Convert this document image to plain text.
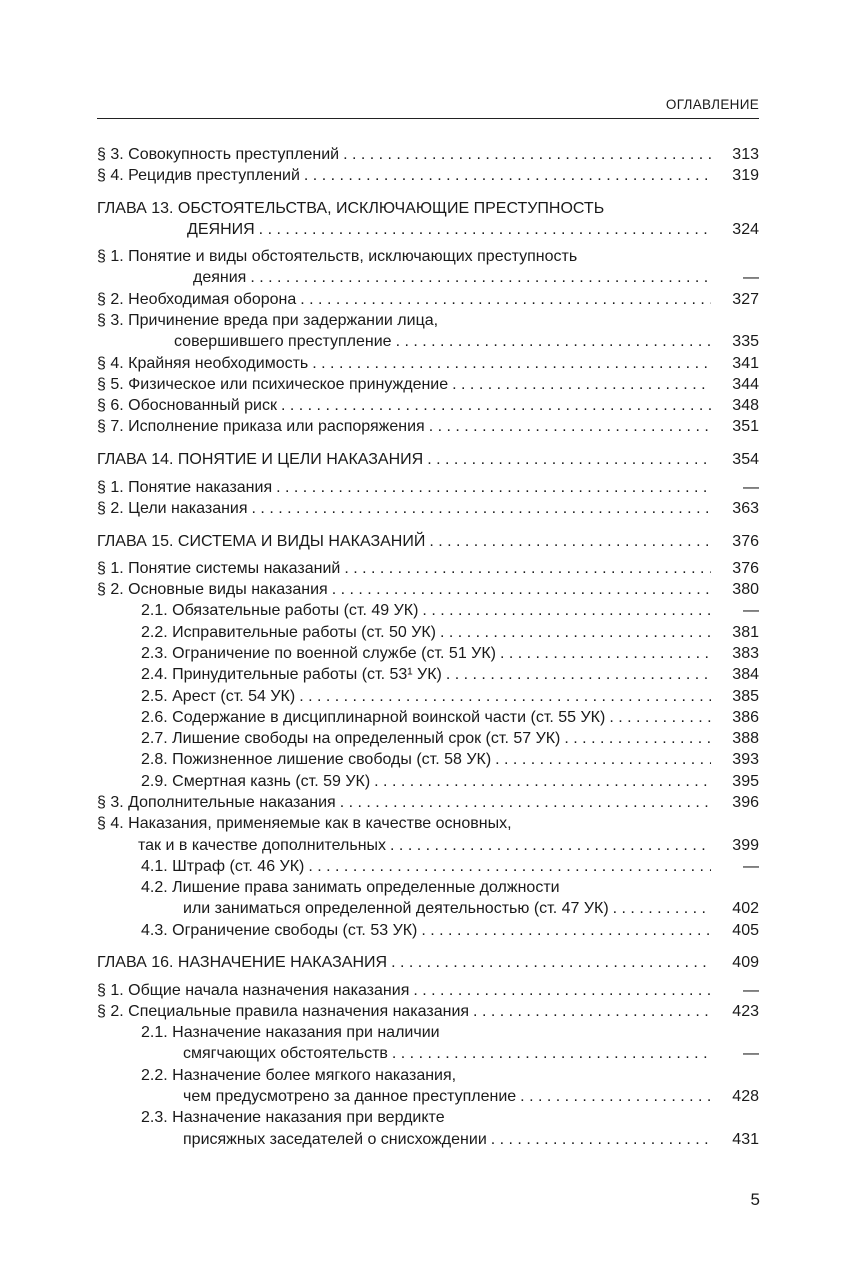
ОГЛАВЛЕНИЕ
§ 3. Совокупность преступлений . . .	313
§ 4. Рецидив преступлений . . .	319
ГЛАВА 13. ОБСТОЯТЕЛЬСТВА, ИСКЛЮЧАЮЩИЕ ПРЕСТУПНОСТЬ
ДЕЯНИЯ . . .	324
§ 1. Понятие и виды обстоятельств, исключающих преступность
деяния . . .	—
§ 2. Необходимая оборона . . .	327
§ 3. Причинение вреда при задержании лица,
совершившего преступление . . .	335
§ 4. Крайняя необходимость . . .	341
§ 5. Физическое или психическое принуждение . . .	344
§ 6. Обоснованный риск . . .	348
§ 7. Исполнение приказа или распоряжения . . .	351
ГЛАВА 14. ПОНЯТИЕ И ЦЕЛИ НАКАЗАНИЯ . . .	354
§ 1. Понятие наказания . . .	—
§ 2. Цели наказания . . .	363
ГЛАВА 15. СИСТЕМА И ВИДЫ НАКАЗАНИЙ . . .	376
§ 1. Понятие системы наказаний . . .	376
§ 2. Основные виды наказания . . .	380
2.1. Обязательные работы (ст. 49 УК) . . .	—
2.2. Исправительные работы (ст. 50 УК) . . .	381
2.3. Ограничение по военной службе (ст. 51 УК) . . .	383
2.4. Принудительные работы (ст. 53¹ УК) . . .	384
2.5. Арест (ст. 54 УК) . . .	385
2.6. Содержание в дисциплинарной воинской части (ст. 55 УК) . . .	386
2.7. Лишение свободы на определенный срок (ст. 57 УК) . . .	388
2.8. Пожизненное лишение свободы (ст. 58 УК) . . .	393
2.9. Смертная казнь (ст. 59 УК) . . .	395
§ 3. Дополнительные наказания . . .	396
§ 4. Наказания, применяемые как в качестве основных,
так и в качестве дополнительных . . .	399
4.1. Штраф (ст. 46 УК) . . .	—
4.2. Лишение права занимать определенные должности
или заниматься определенной деятельностью (ст. 47 УК) . . .	402
4.3. Ограничение свободы (ст. 53 УК) . . .	405
ГЛАВА 16. НАЗНАЧЕНИЕ НАКАЗАНИЯ . . .	409
§ 1. Общие начала назначения наказания . . .	—
§ 2. Специальные правила назначения наказания . . .	423
2.1. Назначение наказания при наличии
смягчающих обстоятельств . . .	—
2.2. Назначение более мягкого наказания,
чем предусмотрено за данное преступление . . .	428
2.3. Назначение наказания при вердикте
присяжных заседателей о снисхождении . . .	431
5
